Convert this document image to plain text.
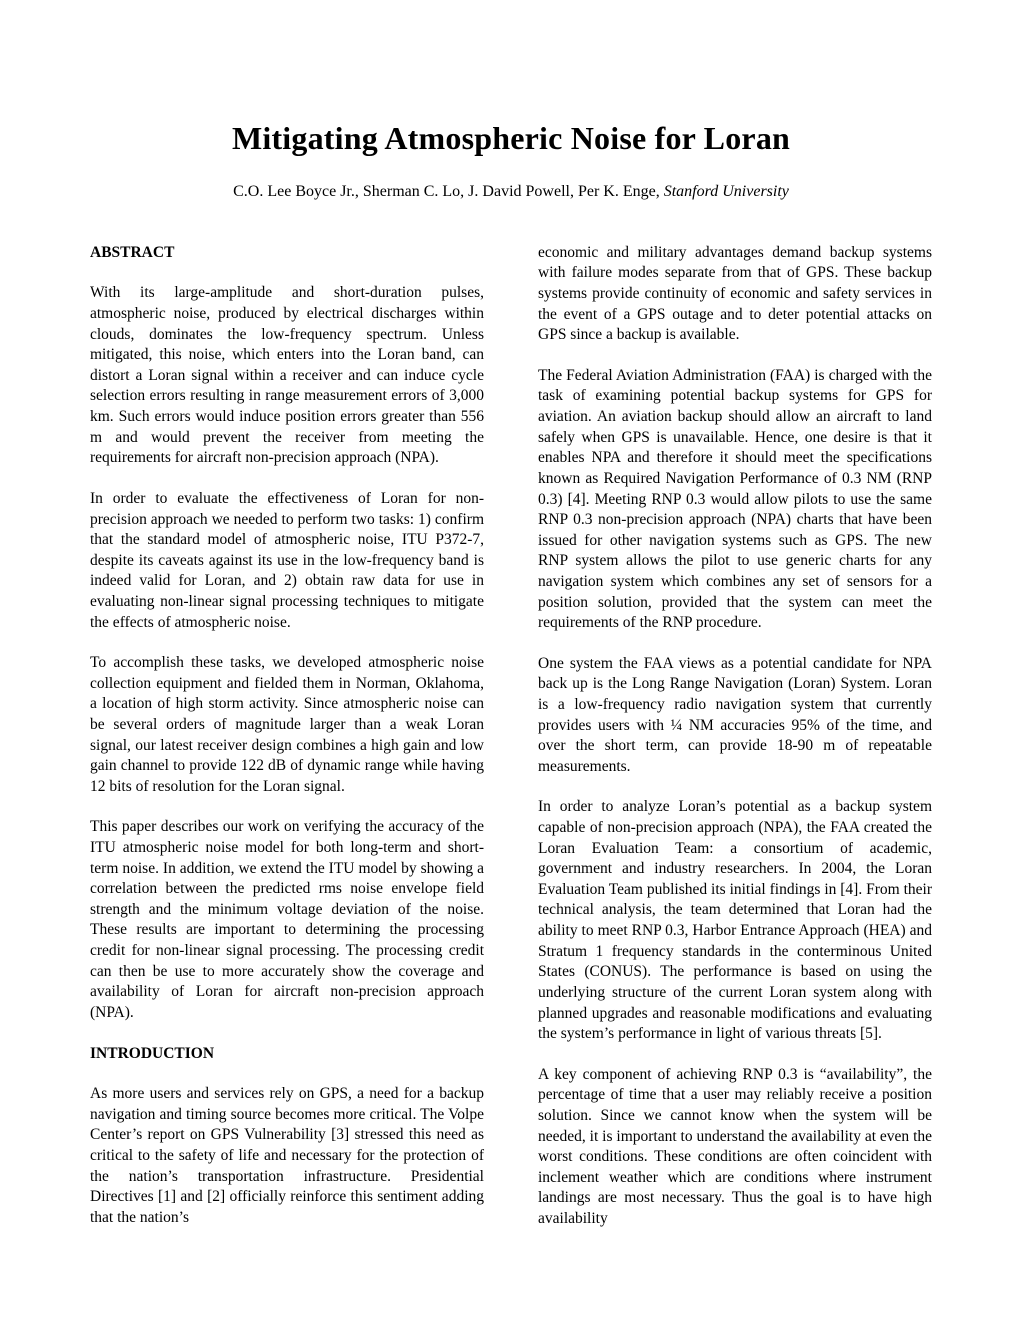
Mitigating Atmospheric Noise for Loran

C.O. Lee Boyce Jr., Sherman C. Lo, J. David Powell, Per K. Enge, Stanford University

ABSTRACT

With its large-amplitude and short-duration pulses, atmospheric noise, produced by electrical discharges within clouds, dominates the low-frequency spectrum. Unless mitigated, this noise, which enters into the Loran band, can distort a Loran signal within a receiver and can induce cycle selection errors resulting in range measurement errors of 3,000 km. Such errors would induce position errors greater than 556 m and would prevent the receiver from meeting the requirements for aircraft non-precision approach (NPA).

In order to evaluate the effectiveness of Loran for non-precision approach we needed to perform two tasks: 1) confirm that the standard model of atmospheric noise, ITU P372-7, despite its caveats against its use in the low-frequency band is indeed valid for Loran, and 2) obtain raw data for use in evaluating non-linear signal processing techniques to mitigate the effects of atmospheric noise.

To accomplish these tasks, we developed atmospheric noise collection equipment and fielded them in Norman, Oklahoma, a location of high storm activity. Since atmospheric noise can be several orders of magnitude larger than a weak Loran signal, our latest receiver design combines a high gain and low gain channel to provide 122 dB of dynamic range while having 12 bits of resolution for the Loran signal.

This paper describes our work on verifying the accuracy of the ITU atmospheric noise model for both long-term and short-term noise. In addition, we extend the ITU model by showing a correlation between the predicted rms noise envelope field strength and the minimum voltage deviation of the noise. These results are important to determining the processing credit for non-linear signal processing. The processing credit can then be use to more accurately show the coverage and availability of Loran for aircraft non-precision approach (NPA).

INTRODUCTION

As more users and services rely on GPS, a need for a backup navigation and timing source becomes more critical. The Volpe Center’s report on GPS Vulnerability [3] stressed this need as critical to the safety of life and necessary for the protection of the nation’s transportation infrastructure. Presidential Directives [1] and [2] officially reinforce this sentiment adding that the nation’s

economic and military advantages demand backup systems with failure modes separate from that of GPS. These backup systems provide continuity of economic and safety services in the event of a GPS outage and to deter potential attacks on GPS since a backup is available.

The Federal Aviation Administration (FAA) is charged with the task of examining potential backup systems for GPS for aviation. An aviation backup should allow an aircraft to land safely when GPS is unavailable. Hence, one desire is that it enables NPA and therefore it should meet the specifications known as Required Navigation Performance of 0.3 NM (RNP 0.3) [4]. Meeting RNP 0.3 would allow pilots to use the same RNP 0.3 non-precision approach (NPA) charts that have been issued for other navigation systems such as GPS. The new RNP system allows the pilot to use generic charts for any navigation system which combines any set of sensors for a position solution, provided that the system can meet the requirements of the RNP procedure.

One system the FAA views as a potential candidate for NPA back up is the Long Range Navigation (Loran) System. Loran is a low-frequency radio navigation system that currently provides users with ¼ NM accuracies 95% of the time, and over the short term, can provide 18-90 m of repeatable measurements.

In order to analyze Loran’s potential as a backup system capable of non-precision approach (NPA), the FAA created the Loran Evaluation Team: a consortium of academic, government and industry researchers. In 2004, the Loran Evaluation Team published its initial findings in [4]. From their technical analysis, the team determined that Loran had the ability to meet RNP 0.3, Harbor Entrance Approach (HEA) and Stratum 1 frequency standards in the conterminous United States (CONUS). The performance is based on using the underlying structure of the current Loran system along with planned upgrades and reasonable modifications and evaluating the system’s performance in light of various threats [5].

A key component of achieving RNP 0.3 is “availability”, the percentage of time that a user may reliably receive a position solution. Since we cannot know when the system will be needed, it is important to understand the availability at even the worst conditions. These conditions are often coincident with inclement weather which are conditions where instrument landings are most necessary. Thus the goal is to have high availability
